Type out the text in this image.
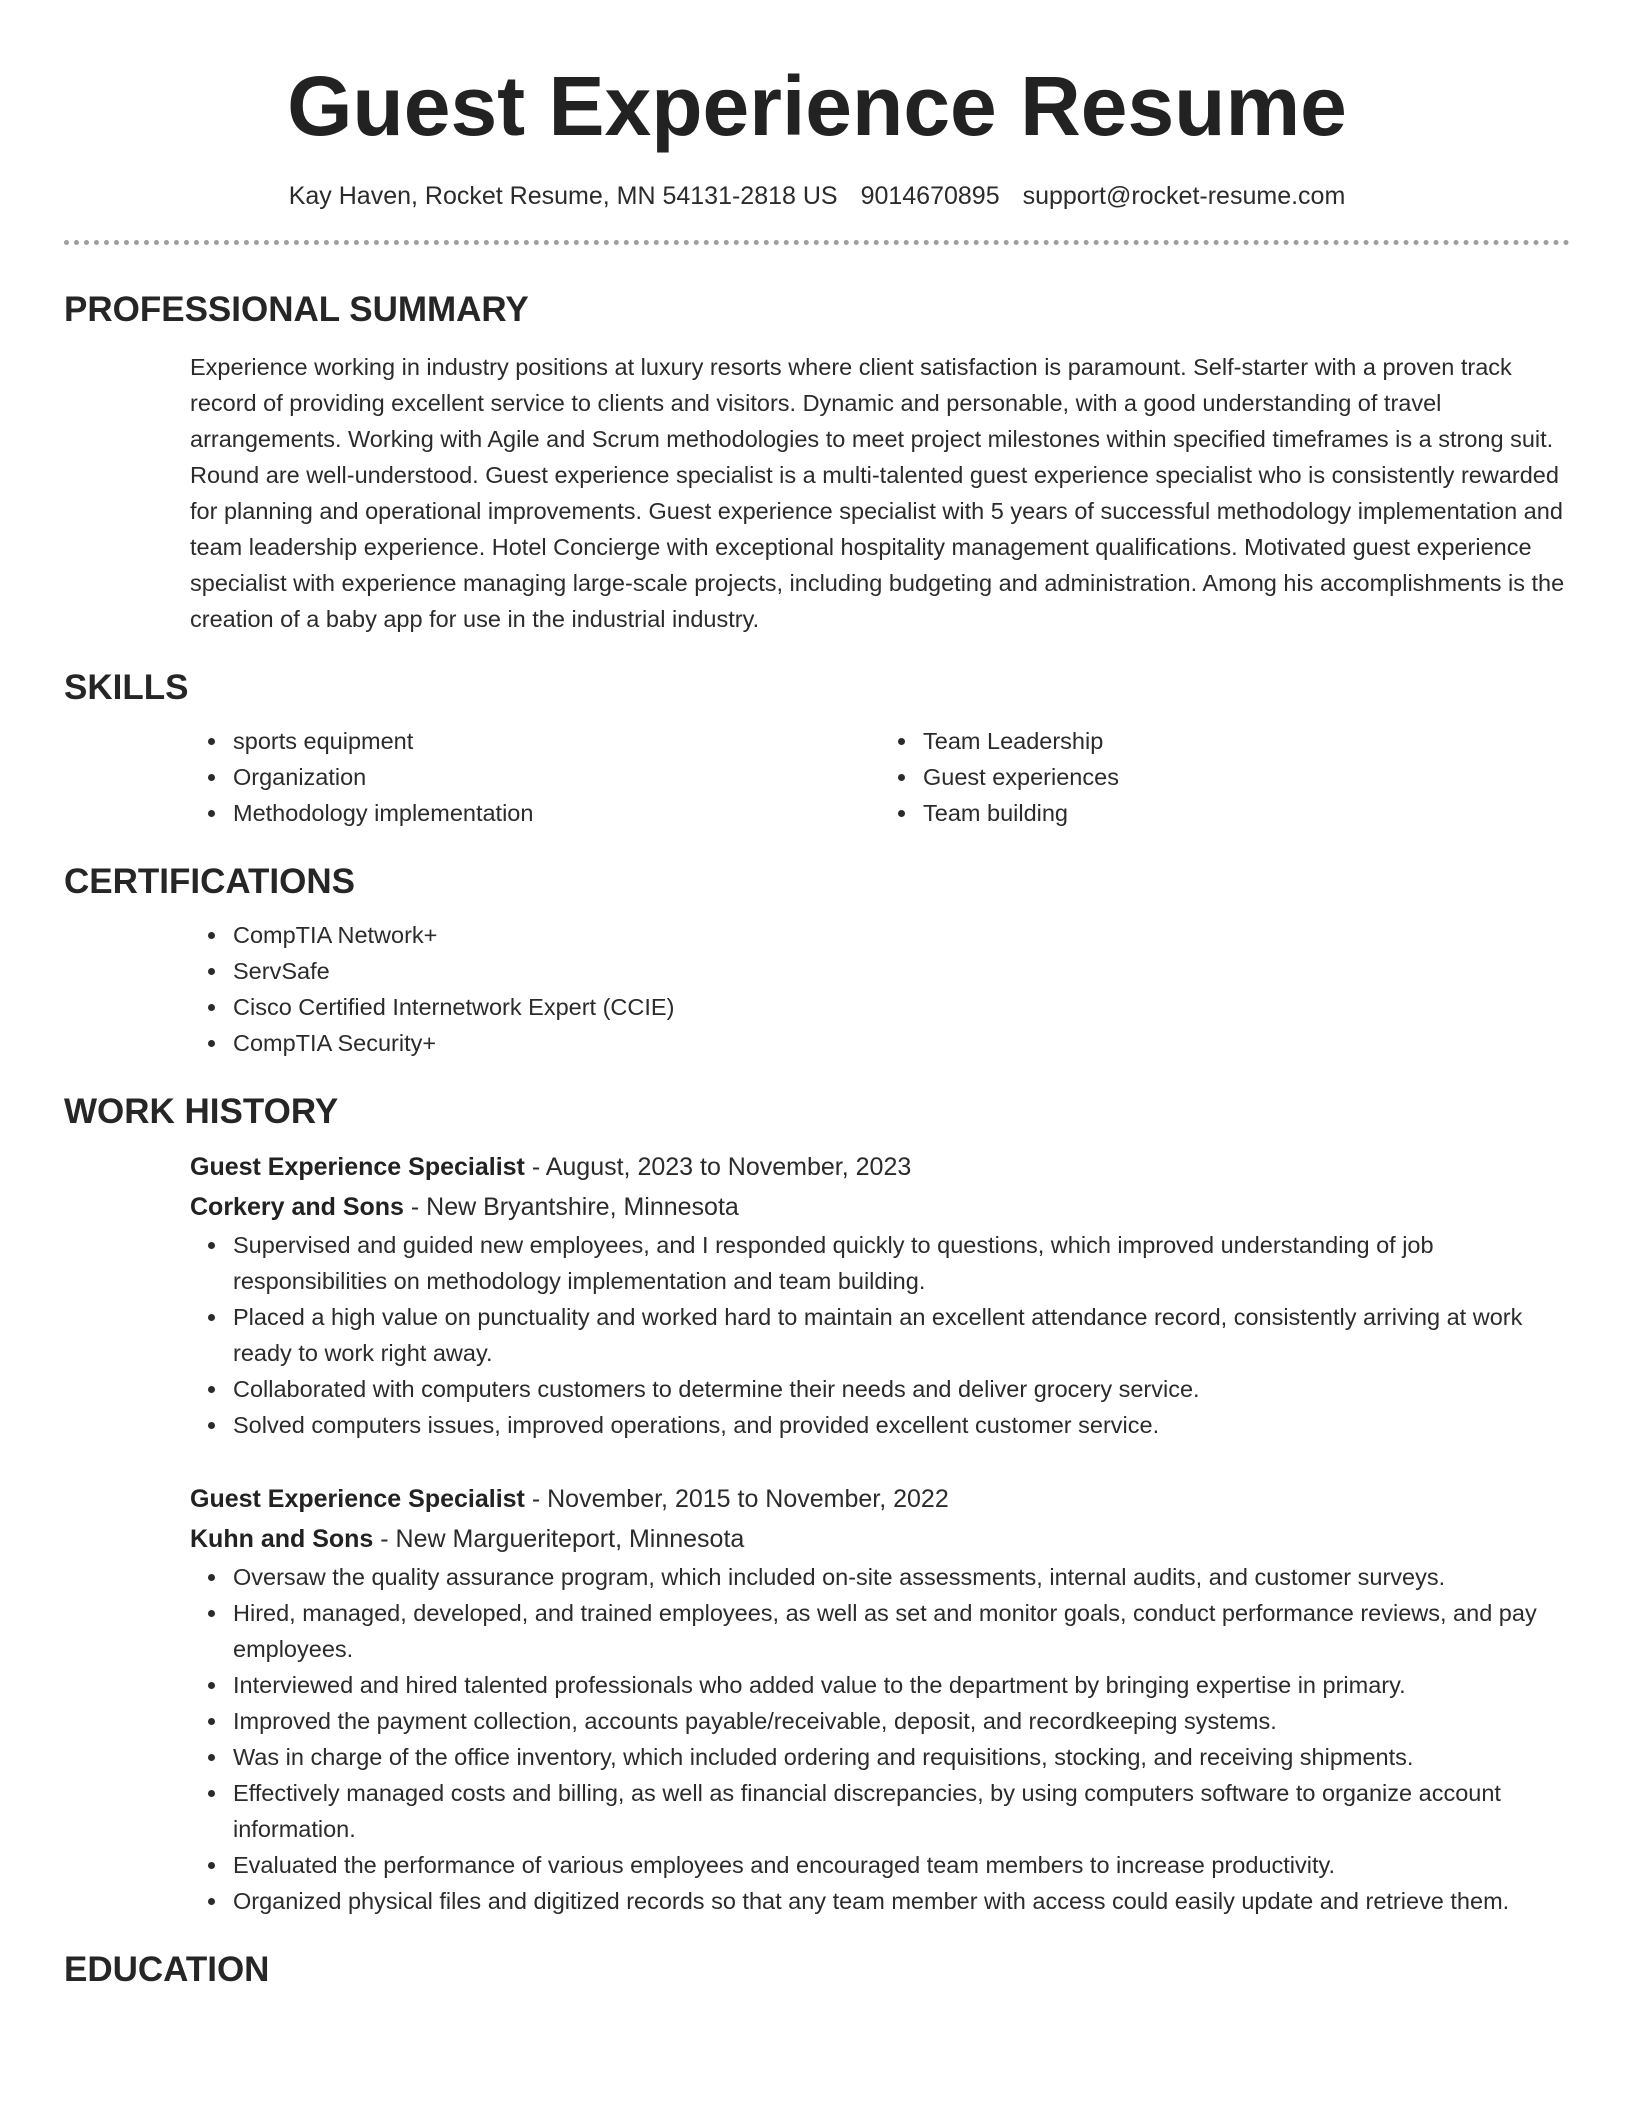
Guest Experience Resume
Kay Haven, Rocket Resume, MN 54131-2818 US 9014670895 support@rocket-resume.com
PROFESSIONAL SUMMARY

Experience working in industry positions at luxury resorts where client satisfaction is paramount. Self-starter with a proven track record of providing excellent service to clients and visitors. Dynamic and personable, with a good understanding of travel arrangements. Working with Agile and Scrum methodologies to meet project milestones within specified timeframes is a strong suit. Round are well-understood. Guest experience specialist is a multi-talented guest experience specialist who is consistently rewarded for planning and operational improvements. Guest experience specialist with 5 years of successful methodology implementation and team leadership experience. Hotel Concierge with exceptional hospitality management qualifications. Motivated guest experience specialist with experience managing large-scale projects, including budgeting and administration. Among his accomplishments is the creation of a baby app for use in the industrial industry.

SKILLS
sports equipment
Organization
Methodology implementation
Team Leadership
Guest experiences
Team building
CERTIFICATIONS
CompTIA Network+
ServSafe
Cisco Certified Internetwork Expert (CCIE)
CompTIA Security+
WORK HISTORY

Guest Experience Specialist - August, 2023 to November, 2023

Corkery and Sons - New Bryantshire, Minnesota

Supervised and guided new employees, and I responded quickly to questions, which improved understanding of job responsibilities on methodology implementation and team building.
Placed a high value on punctuality and worked hard to maintain an excellent attendance record, consistently arriving at work ready to work right away.
Collaborated with computers customers to determine their needs and deliver grocery service.
Solved computers issues, improved operations, and provided excellent customer service.

Guest Experience Specialist - November, 2015 to November, 2022

Kuhn and Sons - New Margueriteport, Minnesota

Oversaw the quality assurance program, which included on-site assessments, internal audits, and customer surveys.
Hired, managed, developed, and trained employees, as well as set and monitor goals, conduct performance reviews, and pay employees.
Interviewed and hired talented professionals who added value to the department by bringing expertise in primary.
Improved the payment collection, accounts payable/receivable, deposit, and recordkeeping systems.
Was in charge of the office inventory, which included ordering and requisitions, stocking, and receiving shipments.
Effectively managed costs and billing, as well as financial discrepancies, by using computers software to organize account information.
Evaluated the performance of various employees and encouraged team members to increase productivity.
Organized physical files and digitized records so that any team member with access could easily update and retrieve them.
EDUCATION
